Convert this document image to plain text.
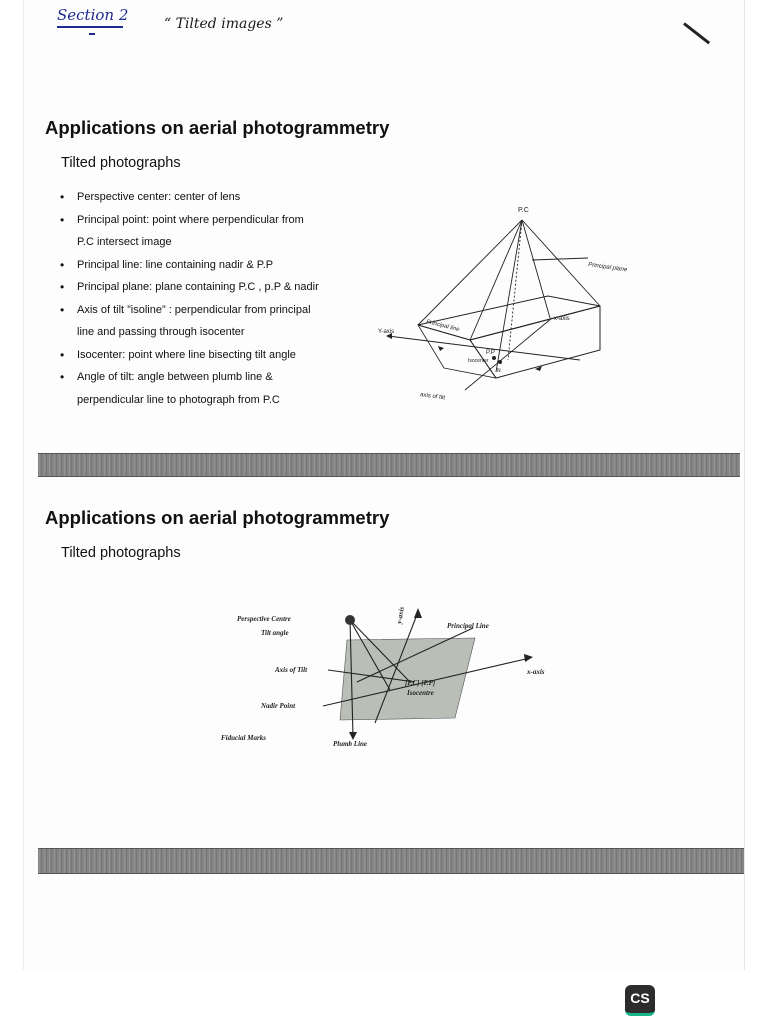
Section 2	“ Tilted images ”
Applications on aerial photogrammetry
Tilted photographs
• Perspective center: center of lens
• Principal point: point where perpendicular from
P.C intersect image
• Principal line: line containing nadir & P.P
• Principal plane: plane containing P.C , p.P & nadir
• Axis of tilt ”isoline” : perpendicular from principal
line and passing through isocenter
• Isocenter: point where line bisecting tilt angle
• Angle of tilt: angle between plumb line &
perpendicular line to photograph from P.C
P.C
Principal plane
Principal line
x-axis
Y-axis
P.P
Isocenter
N
axis of tilt
Applications on aerial photogrammetry
Tilted photographs
Perspective Centre
Tilt angle
Axis of Tilt
Nadir Point
Fiducial Marks
Plumb Line
y-axis
Principal Line
x-axis
[P.C] [P.P]
Isocentre
CS
